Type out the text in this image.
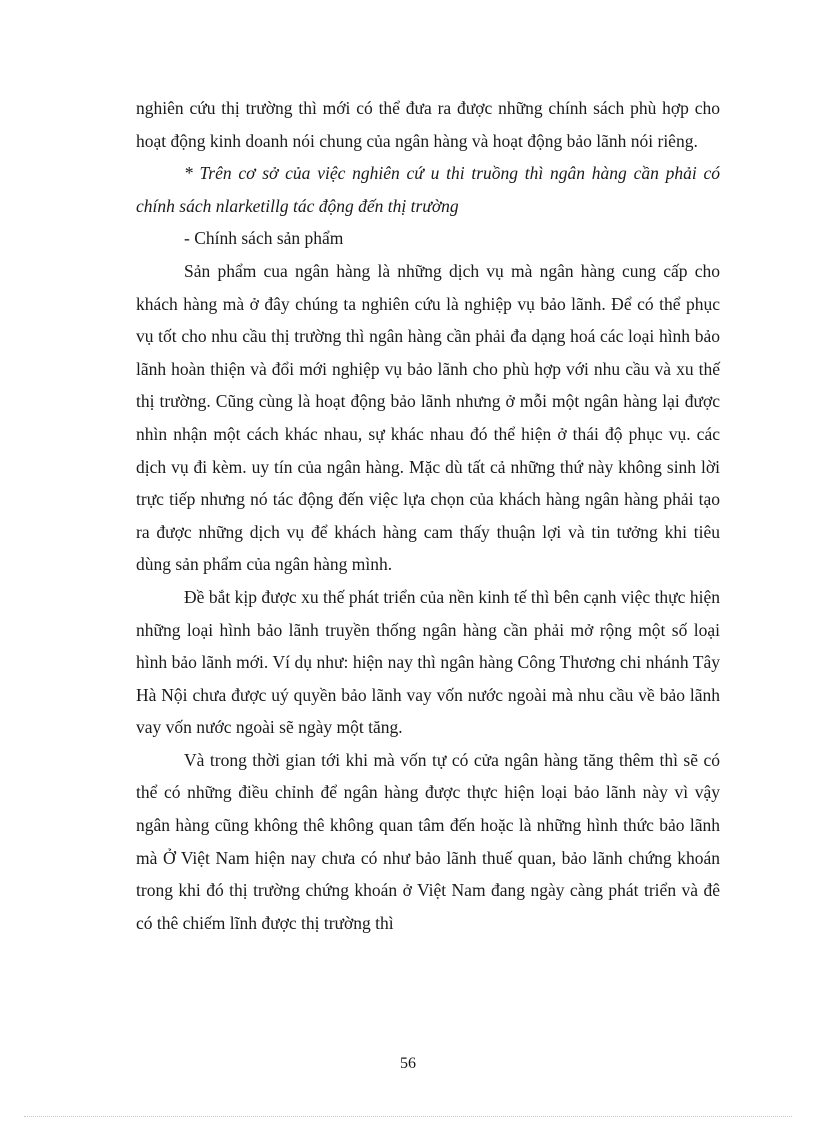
nghiên cứu thị trường thì mới có thể đưa ra được những chính sách phù hợp cho hoạt động kinh doanh nói chung của ngân hàng và hoạt động bảo lãnh nói riêng.

* Trên cơ sở của việc nghiên cứ u thi truồng thì ngân hàng cần phải có chính sách nlarketillg tác động đến thị trường

- Chính sách sản phẩm

Sản phẩm cua ngân hàng là những dịch vụ mà ngân hàng cung cấp cho khách hàng mà ở đây chúng ta nghiên cứu là nghiệp vụ bảo lãnh. Để có thể phục vụ tốt cho nhu cầu thị trường thì ngân hàng cần phải đa dạng hoá các loại hình bảo lãnh hoàn thiện và đổi mới nghiệp vụ bảo lãnh cho phù hợp với nhu cầu và xu thế thị trường. Cũng cùng là hoạt động bảo lãnh nhưng ở mỗi một ngân hàng lại được nhìn nhận một cách khác nhau, sự khác nhau đó thể hiện ở thái độ phục vụ. các dịch vụ đi kèm. uy tín của ngân hàng. Mặc dù tất cả những thứ này không sinh lời trực tiếp nhưng nó tác động đến việc lựa chọn của khách hàng ngân hàng phải tạo ra được những dịch vụ để khách hàng cam thấy thuận lợi và tin tưởng khi tiêu dùng sản phẩm của ngân hàng mình.

Đề bắt kịp được xu thế phát triển của nền kinh tế thì bên cạnh việc thực hiện những loại hình bảo lãnh truyền thống ngân hàng cần phải mở rộng một số loại hình bảo lãnh mới. Ví dụ như: hiện nay thì ngân hàng Công Thương chi nhánh Tây Hà Nội chưa được uý quyền bảo lãnh vay vốn nước ngoài mà nhu cầu về bảo lãnh vay vốn nước ngoài sẽ ngày một tăng.

Và trong thời gian tới khi mà vốn tự có cửa ngân hàng tăng thêm thì sẽ có thể có những điều chỉnh để ngân hàng được thực hiện loại bảo lãnh này vì vậy ngân hàng cũng không thê không quan tâm đến hoặc là những hình thức bảo lãnh mà Ở Việt Nam hiện nay chưa có như bảo lãnh thuế quan, bảo lãnh chứng khoán trong khi đó thị trường chứng khoán ở Việt Nam đang ngày càng phát triển và đê có thê chiếm lĩnh được thị trường thì

56
